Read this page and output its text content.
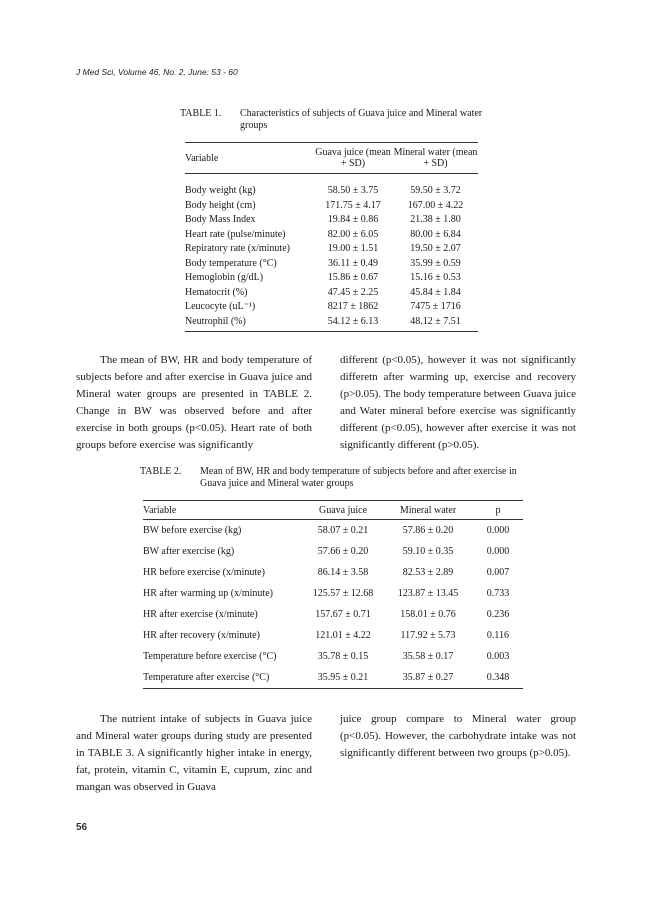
J Med Sci, Volume 46, No. 2, June: 53 - 60
TABLE 1. Characteristics of subjects of Guava juice and Mineral water groups
Variable	Guava juice (mean + SD)	Mineral water (mean + SD)
Body weight (kg)	58.50 ± 3.75	59.50 ± 3.72
Body height (cm)	171.75 ± 4.17	167.00 ± 4.22
Body Mass Index	19.84 ± 0.86	21.38 ± 1.80
Heart rate (pulse/minute)	82.00 ± 6.05	80.00 ± 6.84
Repiratory rate (x/minute)	19.00 ± 1.51	19.50 ± 2.07
Body temperature (°C)	36.11 ± 0.49	35.99 ± 0.59
Hemoglobin (g/dL)	15.86 ± 0.67	15.16 ± 0.53
Hematocrit (%)	47.45 ± 2.25	45.84 ± 1.84
Leucocyte (uL⁻¹)	8217 ± 1862	7475 ± 1716
Neutrophil (%)	54.12 ± 6.13	48.12 ± 7.51
The mean of BW, HR and body temperature of subjects before and after exercise in Guava juice and Mineral water groups are presented in TABLE 2. Change in BW was observed before and after exercise in both groups (p<0.05). Heart rate of both groups before exercise was significantly
different (p<0.05), however it was not significantly differetn after warming up, exercise and recovery (p>0.05). The body temperature between Guava juice and Water mineral before exercise was significantly different (p<0.05), however after exercise it was not significantly different (p>0.05).
TABLE 2. Mean of BW, HR and body temperature of subjects before and after exercise in Guava juice and Mineral water groups
Variable	Guava juice	Mineral water	p
BW before exercise (kg)	58.07 ± 0.21	57.86 ± 0.20	0.000
BW after exercise (kg)	57.66 ± 0.20	59.10 ± 0.35	0.000
HR before exercise (x/minute)	86.14 ± 3.58	82.53 ± 2.89	0.007
HR after warming up (x/minute)	125.57 ± 12.68	123.87 ± 13.45	0.733
HR after exercise (x/minute)	157.67 ± 0.71	158.01 ± 0.76	0.236
HR after recovery (x/minute)	121.01 ± 4.22	117.92 ± 5.73	0.116
Temperature before exercise (°C)	35.78 ± 0.15	35.58 ± 0.17	0.003
Temperature after exercise (°C)	35.95 ± 0.21	35.87 ± 0.27	0.348
The nutrient intake of subjects in Guava juice and Mineral water groups during study are presented in TABLE 3. A significantly higher intake in energy, fat, protein, vitamin C, vitamin E, cuprum, zinc and mangan was observed in Guava
juice group compare to Mineral water group (p<0.05). However, the carbohydrate intake was not significantly different between two groups (p>0.05).
56
